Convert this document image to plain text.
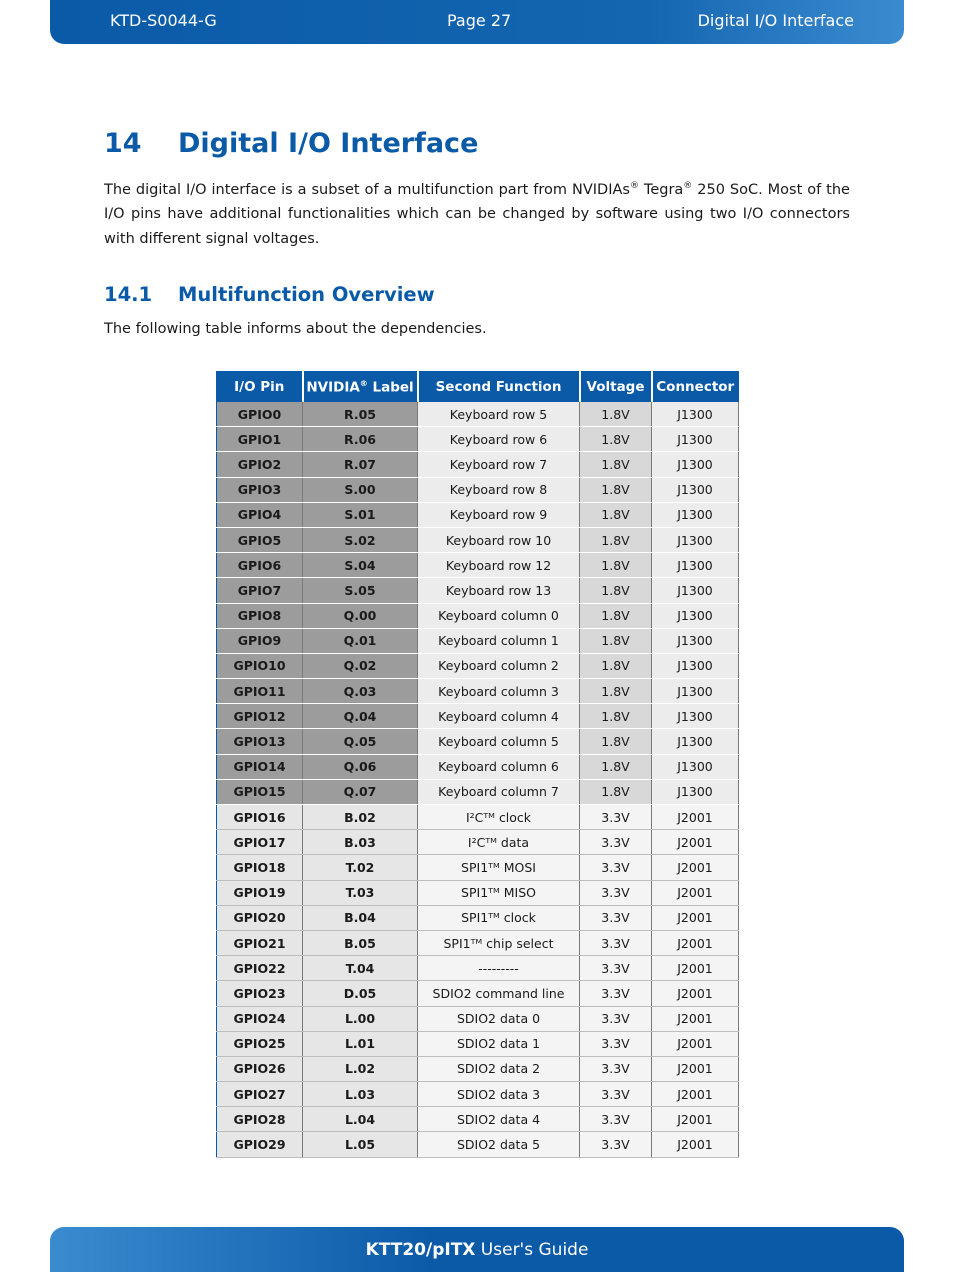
KTD-S0044-G	Page 27	Digital I/O Interface
14 Digital I/O Interface
The digital I/O interface is a subset of a multifunction part from NVIDIAs® Tegra® 250 SoC. Most of the I/O pins have additional functionalities which can be changed by software using two I/O connectors with different signal voltages.
14.1 Multifunction Overview
The following table informs about the dependencies.
I/O Pin	NVIDIA® Label	Second Function	Voltage	Connector
GPIO0	R.05	Keyboard row 5	1.8V	J1300
GPIO1	R.06	Keyboard row 6	1.8V	J1300
GPIO2	R.07	Keyboard row 7	1.8V	J1300
GPIO3	S.00	Keyboard row 8	1.8V	J1300
GPIO4	S.01	Keyboard row 9	1.8V	J1300
GPIO5	S.02	Keyboard row 10	1.8V	J1300
GPIO6	S.04	Keyboard row 12	1.8V	J1300
GPIO7	S.05	Keyboard row 13	1.8V	J1300
GPIO8	Q.00	Keyboard column 0	1.8V	J1300
GPIO9	Q.01	Keyboard column 1	1.8V	J1300
GPIO10	Q.02	Keyboard column 2	1.8V	J1300
GPIO11	Q.03	Keyboard column 3	1.8V	J1300
GPIO12	Q.04	Keyboard column 4	1.8V	J1300
GPIO13	Q.05	Keyboard column 5	1.8V	J1300
GPIO14	Q.06	Keyboard column 6	1.8V	J1300
GPIO15	Q.07	Keyboard column 7	1.8V	J1300
GPIO16	B.02	I²Cᵀᴹ clock	3.3V	J2001
GPIO17	B.03	I²Cᵀᴹ data	3.3V	J2001
GPIO18	T.02	SPI1ᵀᴹ MOSI	3.3V	J2001
GPIO19	T.03	SPI1ᵀᴹ MISO	3.3V	J2001
GPIO20	B.04	SPI1ᵀᴹ clock	3.3V	J2001
GPIO21	B.05	SPI1ᵀᴹ chip select	3.3V	J2001
GPIO22	T.04	---------	3.3V	J2001
GPIO23	D.05	SDIO2 command line	3.3V	J2001
GPIO24	L.00	SDIO2 data 0	3.3V	J2001
GPIO25	L.01	SDIO2 data 1	3.3V	J2001
GPIO26	L.02	SDIO2 data 2	3.3V	J2001
GPIO27	L.03	SDIO2 data 3	3.3V	J2001
GPIO28	L.04	SDIO2 data 4	3.3V	J2001
GPIO29	L.05	SDIO2 data 5	3.3V	J2001
KTT20/pITX User's Guide
